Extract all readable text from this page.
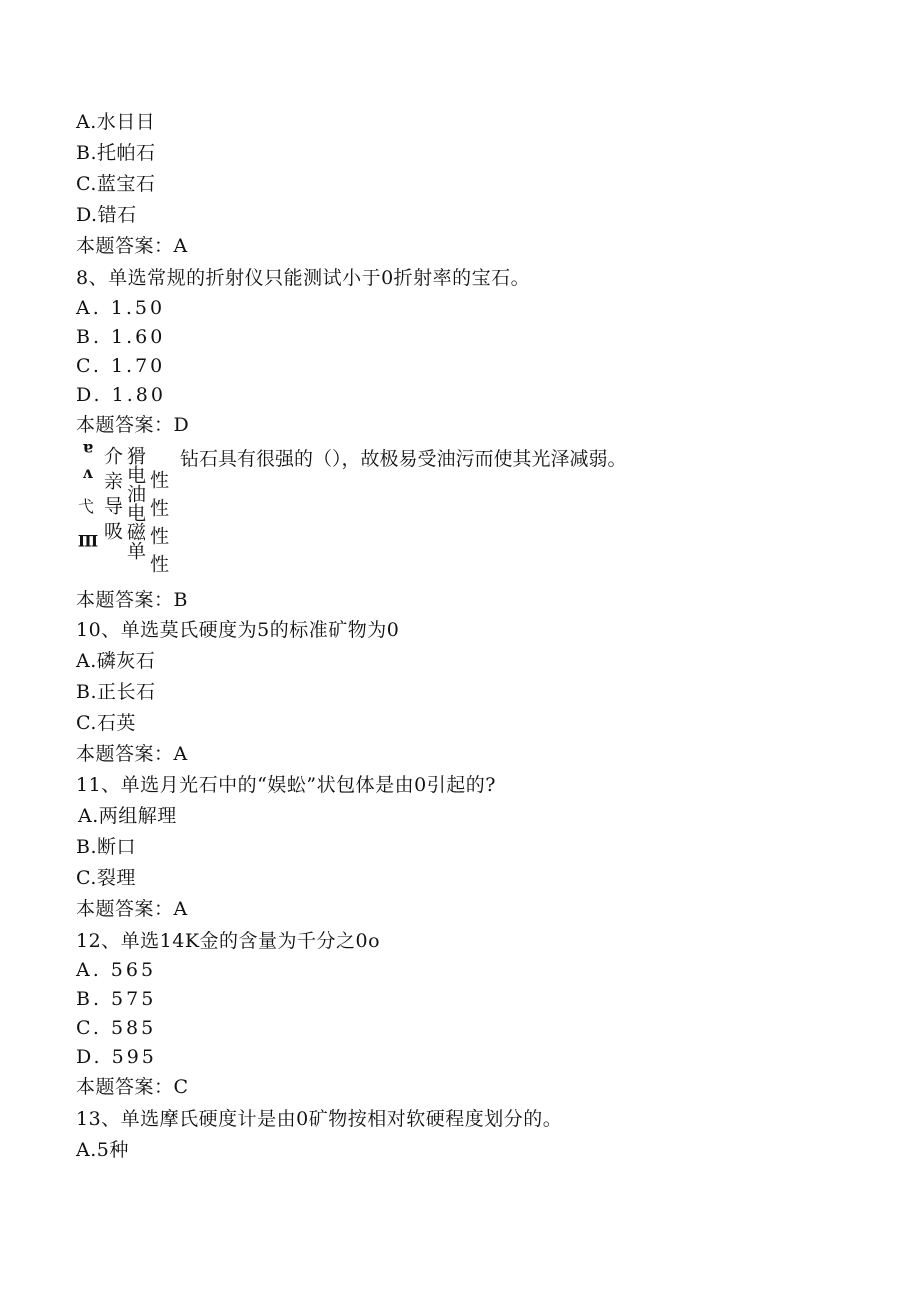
A.水日日
B.托帕石
C.蓝宝石
D.错石
本题答案：A
8、单选常规的折射仪只能测试小于0折射率的宝石。
A. 1.50
B. 1.60
C. 1.70
D. 1.80
本题答案：D
a
v
弋
Ш 介亲导吸 猾电油电磁单 性性性性
钻石具有很强的（），故极易受油污而使其光泽减弱。
本题答案：B
10、单选莫氏硬度为5的标准矿物为0
A.磷灰石
B.正长石
C.石英
本题答案：A
11、单选月光石中的“娱蚣”状包体是由0引起的?
A.两组解理
B.断口
C.裂理
本题答案：A
12、单选14K金的含量为千分之0o
A. 565
B. 575
C. 585
D. 595
本题答案：C
13、单选摩氏硬度计是由0矿物按相对软硬程度划分的。
A.5种
